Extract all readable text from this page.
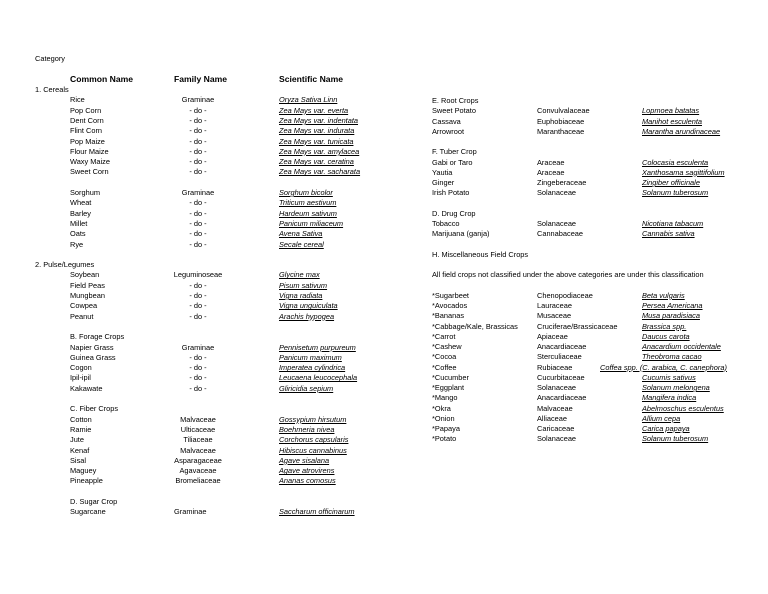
Category
Common Name	Family Name	Scientific Name
1. Cereals
Rice	Graminae	Oryza Sativa Linn
Pop Corn	- do -	Zea Mays var. everta
Dent Corn	- do -	Zea Mays var. indentata
Flint Corn	- do -	Zea Mays var. indurata
Pop Maize	- do -	Zea Mays var. tunicata
Flour Maize	- do -	Zea Mays var. amylacea
Waxy Maize	- do -	Zea Mays var. ceratina
Sweet Corn	- do -	Zea Mays var. sacharata
Sorghum	Graminae	Sorghum bicolor
Wheat	- do -	Triticum aestivum
Barley	- do -	Hardeum sativum
Millet	- do -	Panicum miliaceum
Oats	- do -	Avena Sativa
Rye	- do -	Secale cereal
2. Pulse/Legumes
Soybean	Leguminoseae	Glycine max
Field Peas	- do -	Pisum sativum
Mungbean	- do -	Vigna radiata
Cowpea	- do -	Vigna unguiculata
Peanut	- do -	Arachis hypogea
B. Forage Crops
Napier Grass	Graminae	Pennisetum purpureum
Guinea Grass	- do -	Panicum maximum
Cogon	- do -	Imperatea cylindrica
Ipil-ipil	- do -	Leucaena leucocephala
Kakawate	- do -	Gliricidia sepium
C. Fiber Crops
Cotton	Malvaceae	Gossypium hirsutum
Ramie	Ulticaceae	Boehmeria nivea
Jute	Tiliaceae	Corchorus capsularis
Kenaf	Malvaceae	Hibiscus cannabinus
Sisal	Asparagaceae	Agave sisalana
Maguey	Agavaceae	Agave atrovirens
Pineapple	Bromeliaceae	Ananas comosus
D. Sugar Crop
Sugarcane	Graminae	Saccharum officinarum
E. Root Crops
Sweet Potato	Convulvalaceae	Lopmoea batatas
Cassava	Euphobiaceae	Manihot esculenta
Arrowroot	Maranthaceae	Marantha arundinaceae
F. Tuber Crop
Gabi or Taro	Araceae	Colocasia esculenta
Yautia	Araceae	Xanthosama sagittifolium
Ginger	Zingeberaceae	Zingiber officinale
Irish Potato	Solanaceae	Solanum tuberosum
D. Drug Crop
Tobacco	Solanaceae	Nicotiana tabacum
Marijuana (ganja)	Cannabaceae	Cannabis sativa
H. Miscellaneous Field Crops
All field crops not classified under the above categories are under this classification
*Sugarbeet	Chenopodiaceae	Beta vulgaris
*Avocados	Lauraceae	Persea Americana
*Bananas	Musaceae	Musa paradisiaca
*Cabbage/Kale, Brassicas	Cruciferae/Brassicaceae	Brassica spp.
*Carrot	Apiaceae	Daucus carota
*Cashew	Anacardiaceae	Anacardium occidentale
*Cocoa	Sterculiaceae	Theobroma cacao
*Coffee	Rubiaceae	Coffea spp. (C. arabica, C. canephora)
*Cucumber	Cucurbitaceae	Cucumis sativus
*Eggplant	Solanaceae	Solanum melongena
*Mango	Anacardiaceae	Mangifera indica
*Okra	Malvaceae	Abelmoschus esculentus
*Onion	Alliaceae	Allium cepa
*Papaya	Caricaceae	Carica papaya
*Potato	Solanaceae	Solanum tuberosum
